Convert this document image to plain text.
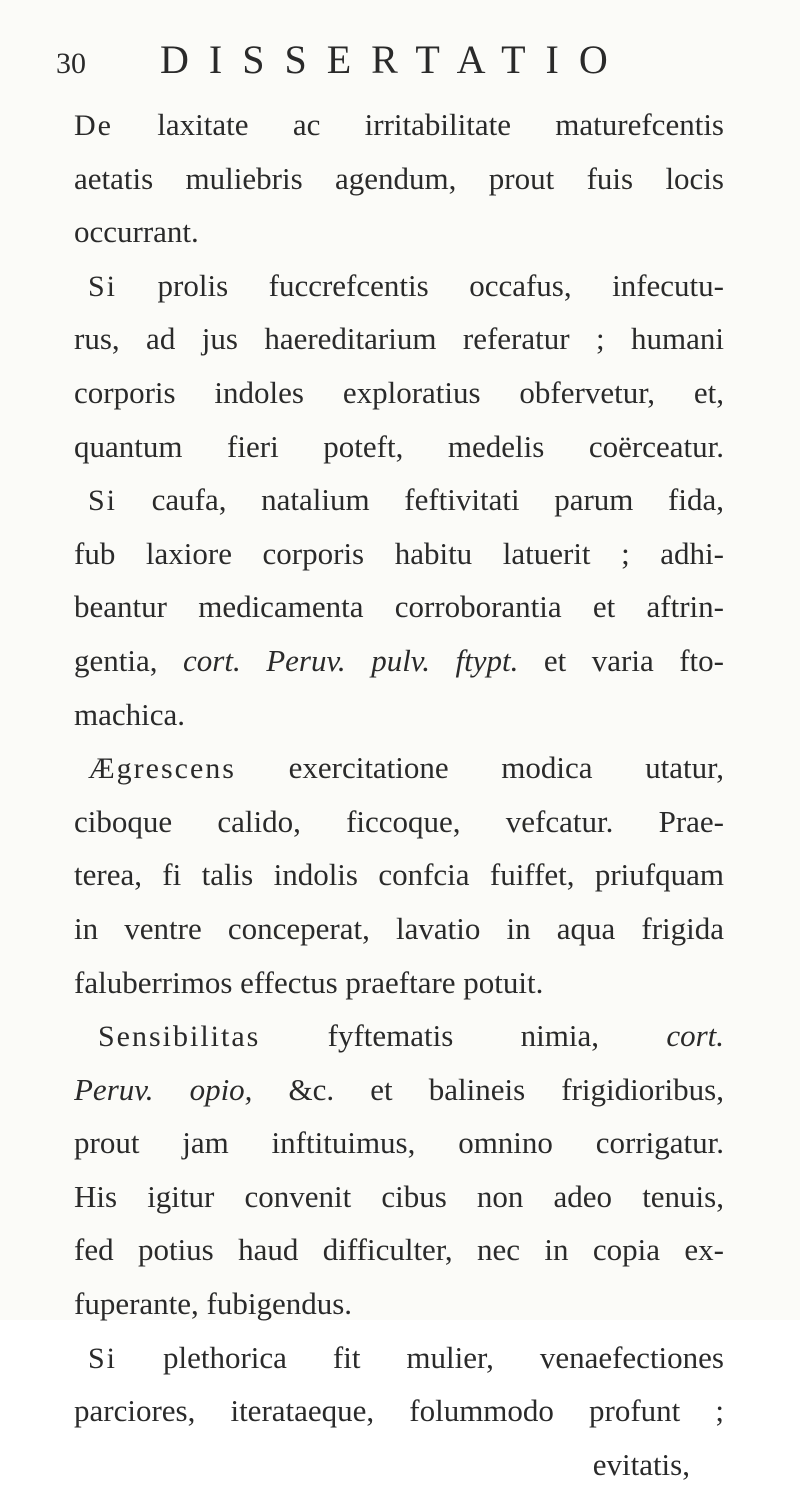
30 DISSERTATIO
De laxitate ac irritabilitate maturefcentis
aetatis muliebris agendum, prout fuis locis
occurrant.
Si prolis fuccrefcentis occafus, infecutu-
rus, ad jus haereditarium referatur ; humani
corporis indoles exploratius obfervetur, et,
quantum fieri poteft, medelis coërceatur.
Si caufa, natalium feftivitati parum fida,
fub laxiore corporis habitu latuerit ; adhi-
beantur medicamenta corroborantia et aftrin-
gentia, cort. Peruv. pulv. ftypt. et varia fto-
machica.
Ægrescens exercitatione modica utatur,
ciboque calido, ficcoque, vefcatur. Prae-
terea, fi talis indolis confcia fuiffet, priufquam
in ventre conceperat, lavatio in aqua frigida
faluberrimos effectus praeftare potuit.
Sensibilitas fyftematis nimia, cort.
Peruv. opio, &c. et balineis frigidioribus,
prout jam inftituimus, omnino corrigatur.
His igitur convenit cibus non adeo tenuis,
fed potius haud difficulter, nec in copia ex-
fuperante, fubigendus.
Si plethorica fit mulier, venaefectiones
parciores, iterataeque, folummodo profunt ;
evitatis,
